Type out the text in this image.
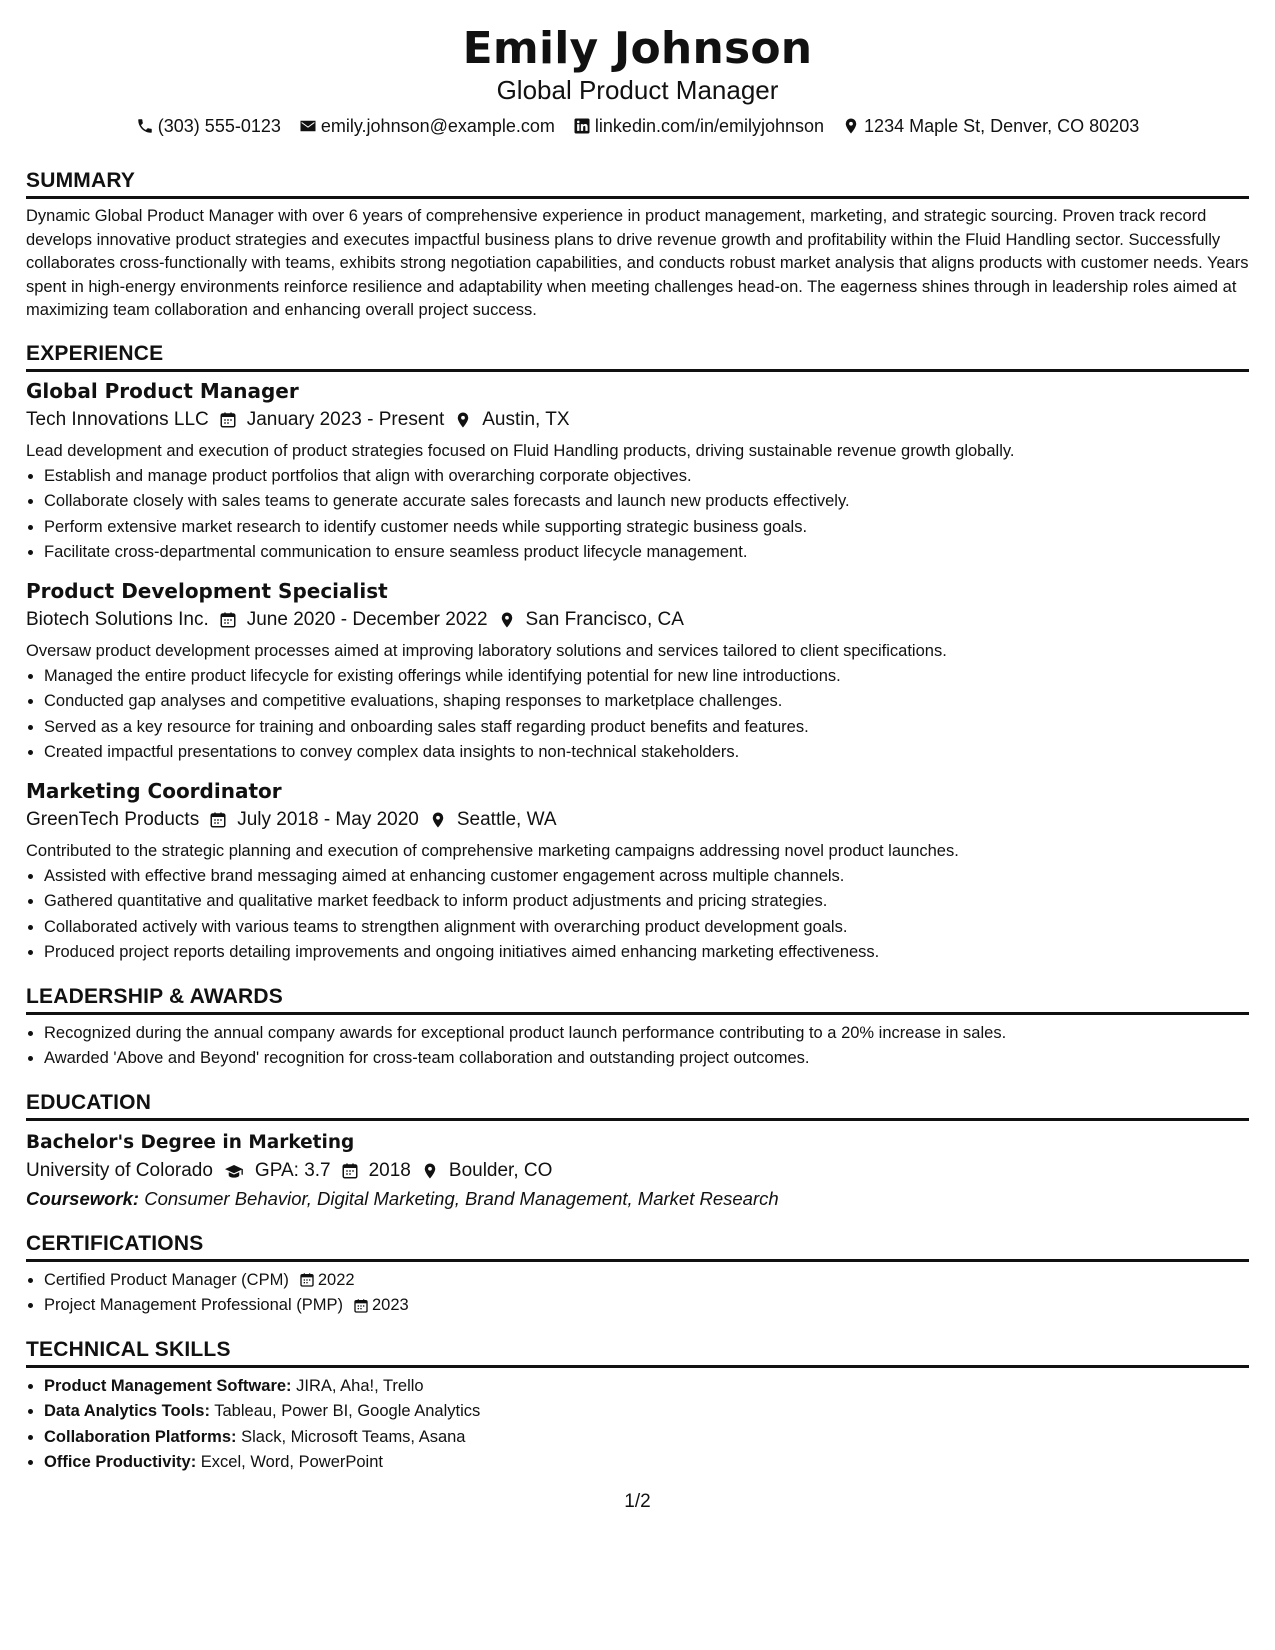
Emily Johnson
Global Product Manager
(303) 555-0123 emily.johnson@example.com linkedin.com/in/emilyjohnson 1234 Maple St, Denver, CO 80203
SUMMARY

Dynamic Global Product Manager with over 6 years of comprehensive experience in product management, marketing, and strategic sourcing. Proven track record develops innovative product strategies and executes impactful business plans to drive revenue growth and profitability within the Fluid Handling sector. Successfully collaborates cross-functionally with teams, exhibits strong negotiation capabilities, and conducts robust market analysis that aligns products with customer needs. Years spent in high-energy environments reinforce resilience and adaptability when meeting challenges head-on. The eagerness shines through in leadership roles aimed at maximizing team collaboration and enhancing overall project success.

EXPERIENCE
Global Product Manager
Tech Innovations LLC January 2023 - Present Austin, TX
Lead development and execution of product strategies focused on Fluid Handling products, driving sustainable revenue growth globally.
• Establish and manage product portfolios that align with overarching corporate objectives.
• Collaborate closely with sales teams to generate accurate sales forecasts and launch new products effectively.
• Perform extensive market research to identify customer needs while supporting strategic business goals.
• Facilitate cross-departmental communication to ensure seamless product lifecycle management.
Product Development Specialist
Biotech Solutions Inc. June 2020 - December 2022 San Francisco, CA
Oversaw product development processes aimed at improving laboratory solutions and services tailored to client specifications.
• Managed the entire product lifecycle for existing offerings while identifying potential for new line introductions.
• Conducted gap analyses and competitive evaluations, shaping responses to marketplace challenges.
• Served as a key resource for training and onboarding sales staff regarding product benefits and features.
• Created impactful presentations to convey complex data insights to non-technical stakeholders.
Marketing Coordinator
GreenTech Products July 2018 - May 2020 Seattle, WA
Contributed to the strategic planning and execution of comprehensive marketing campaigns addressing novel product launches.
• Assisted with effective brand messaging aimed at enhancing customer engagement across multiple channels.
• Gathered quantitative and qualitative market feedback to inform product adjustments and pricing strategies.
• Collaborated actively with various teams to strengthen alignment with overarching product development goals.
• Produced project reports detailing improvements and ongoing initiatives aimed enhancing marketing effectiveness.
LEADERSHIP & AWARDS
• Recognized during the annual company awards for exceptional product launch performance contributing to a 20% increase in sales.
• Awarded 'Above and Beyond' recognition for cross-team collaboration and outstanding project outcomes.
EDUCATION
Bachelor's Degree in Marketing
University of Colorado GPA: 3.7 2018 Boulder, CO
Coursework: Consumer Behavior, Digital Marketing, Brand Management, Market Research
CERTIFICATIONS
• Certified Product Manager (CPM) 2022
• Project Management Professional (PMP) 2023
TECHNICAL SKILLS
• Product Management Software: JIRA, Aha!, Trello
• Data Analytics Tools: Tableau, Power BI, Google Analytics
• Collaboration Platforms: Slack, Microsoft Teams, Asana
• Office Productivity: Excel, Word, PowerPoint
1/2
